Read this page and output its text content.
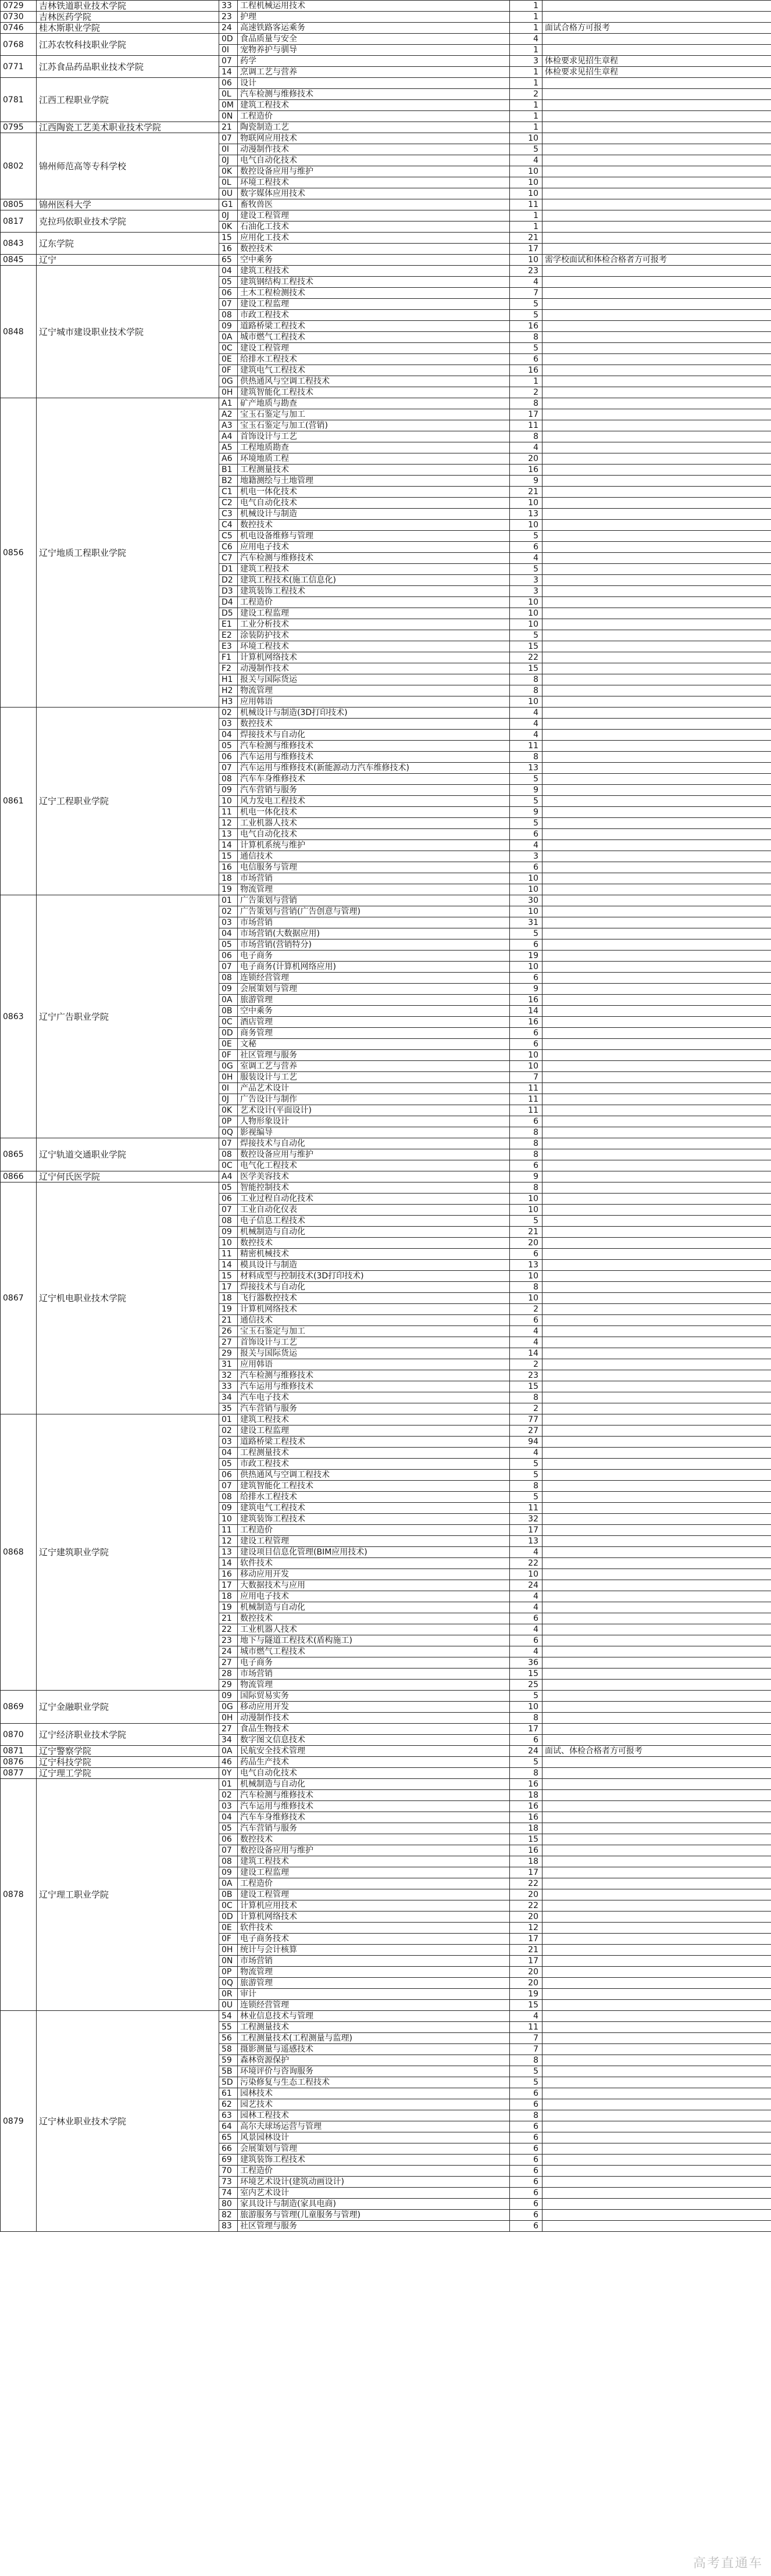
0729	吉林铁道职业技术学院	33	工程机械运用技术	1	
0730	吉林医药学院	23	护理	1	
0746	桂木斯职业学院	24	高速铁路客运乘务	1	面试合格方可报考
0768	江苏农牧科技职业学院	0D	食品质量与安全	4	
		0I	宠物养护与驯导	1	
0771	江苏食品药品职业技术学院	07	药学	3	体检要求见招生章程
		14	烹调工艺与营养	1	体检要求见招生章程
0781	江西工程职业学院	06	设计	1	
		0L	汽车检测与维修技术	2	
		0M	建筑工程技术	1	
		0N	工程造价	1	
0795	江西陶瓷工艺美术职业技术学院	21	陶瓷制造工艺	1	
0802	锦州师范高等专科学校	07	物联网应用技术	10	
		0I	动漫制作技术	5	
		0J	电气自动化技术	4	
		0K	数控设备应用与维护	10	
		0L	环境工程技术	10	
		0U	数字媒体应用技术	10	
0805	锦州医科大学	G1	畜牧兽医	11	
0817	克拉玛依职业技术学院	0J	建设工程管理	1	
		0K	石油化工技术	1	
0843	辽东学院	15	应用化工技术	21	
		16	数控技术	17	
0845	辽宁	65	空中乘务	10	需学校面试和体检合格者方可报考
0848	辽宁城市建设职业技术学院	04	建筑工程技术	23	
		05	建筑钢结构工程技术	4	
		06	土木工程检测技术	7	
		07	建设工程监理	5	
		08	市政工程技术	5	
		09	道路桥梁工程技术	16	
		0A	城市燃气工程技术	8	
		0C	建设工程管理	5	
		0E	给排水工程技术	6	
		0F	建筑电气工程技术	16	
		0G	供热通风与空调工程技术	1	
		0H	建筑智能化工程技术	2	
0856	辽宁地质工程职业学院	A1	矿产地质与勘查	8	
		A2	宝玉石鉴定与加工	17	
		A3	宝玉石鉴定与加工(营销)	11	
		A4	首饰设计与工艺	8	
		A5	工程地质勘查	4	
		A6	环境地质工程	20	
		B1	工程测量技术	16	
		B2	地籍测绘与土地管理	9	
		C1	机电一体化技术	21	
		C2	电气自动化技术	10	
		C3	机械设计与制造	13	
		C4	数控技术	10	
		C5	机电设备维修与管理	5	
		C6	应用电子技术	6	
		C7	汽车检测与维修技术	4	
		D1	建筑工程技术	5	
		D2	建筑工程技术(施工信息化)	3	
		D3	建筑装饰工程技术	3	
		D4	工程造价	10	
		D5	建设工程监理	10	
		E1	工业分析技术	10	
		E2	涂装防护技术	5	
		E3	环境工程技术	15	
		F1	计算机网络技术	22	
		F2	动漫制作技术	15	
		H1	报关与国际货运	8	
		H2	物流管理	8	
		H3	应用韩语	10	
0861	辽宁工程职业学院	02	机械设计与制造(3D打印技术)	4	
		03	数控技术	4	
		04	焊接技术与自动化	4	
		05	汽车检测与维修技术	11	
		06	汽车运用与维修技术	8	
		07	汽车运用与维修技术(新能源动力汽车维修技术)	13	
		08	汽车车身维修技术	5	
		09	汽车营销与服务	9	
		10	风力发电工程技术	5	
		11	机电一体化技术	9	
		12	工业机器人技术	5	
		13	电气自动化技术	6	
		14	计算机系统与维护	4	
		15	通信技术	3	
		16	电信服务与管理	6	
		18	市场营销	10	
		19	物流管理	10	
0863	辽宁广告职业学院	01	广告策划与营销	30	
		02	广告策划与营销(广告创意与管理)	10	
		03	市场营销	31	
		04	市场营销(大数据应用)	5	
		05	市场营销(营销特分)	6	
		06	电子商务	19	
		07	电子商务(计算机网络应用)	10	
		08	连锁经营管理	6	
		09	会展策划与管理	9	
		0A	旅游管理	16	
		0B	空中乘务	14	
		0C	酒店管理	16	
		0D	商务管理	6	
		0E	文秘	6	
		0F	社区管理与服务	10	
		0G	室调工艺与营养	10	
		0H	服装设计与工艺	7	
		0I	产品艺术设计	11	
		0J	广告设计与制作	11	
		0K	艺术设计(平面设计)	11	
		0P	人物形象设计	6	
		0Q	影视编导	8	
0865	辽宁轨道交通职业学院	07	焊接技术与自动化	8	
		08	数控设备应用与维护	8	
		0C	电气化工程技术	6	
0866	辽宁何氏医学院	A4	医学美容技术	9	
0867	辽宁机电职业技术学院	05	智能控制技术	8	
		06	工业过程自动化技术	10	
		07	工业自动化仪表	10	
		08	电子信息工程技术	5	
		09	机械制造与自动化	21	
		10	数控技术	20	
		11	精密机械技术	6	
		14	模具设计与制造	13	
		15	材料成型与控制技术(3D打印技术)	10	
		17	焊接技术与自动化	8	
		18	飞行器数控技术	10	
		19	计算机网络技术	2	
		21	通信技术	6	
		26	宝玉石鉴定与加工	4	
		27	首饰设计与工艺	4	
		29	报关与国际货运	14	
		31	应用韩语	2	
		32	汽车检测与维修技术	23	
		33	汽车运用与维修技术	15	
		34	汽车电子技术	8	
		35	汽车营销与服务	2	
0868	辽宁建筑职业学院	01	建筑工程技术	77	
		02	建设工程监理	27	
		03	道路桥梁工程技术	94	
		04	工程测量技术	4	
		05	市政工程技术	5	
		06	供热通风与空调工程技术	5	
		07	建筑智能化工程技术	8	
		08	给排水工程技术	5	
		09	建筑电气工程技术	11	
		10	建筑装饰工程技术	32	
		11	工程造价	17	
		12	建设工程管理	13	
		13	建设项目信息化管理(BIM应用技术)	4	
		14	软件技术	22	
		16	移动应用开发	10	
		17	大数据技术与应用	24	
		18	应用电子技术	4	
		19	机械制造与自动化	4	
		21	数控技术	6	
		22	工业机器人技术	4	
		23	地下与隧道工程技术(盾构施工)	6	
		24	城市燃气工程技术	4	
		27	电子商务	36	
		28	市场营销	15	
		29	物流管理	25	
0869	辽宁金融职业学院	09	国际贸易实务	5	
		0G	移动应用开发	10	
		0H	动漫制作技术	8	
0870	辽宁经济职业技术学院	27	食品生物技术	17	
		34	数字图文信息技术	6	
0871	辽宁警察学院	0A	民航安全技术管理	24	面试、体检合格者方可报考
0876	辽宁科技学院	46	药品生产技术	5	
0877	辽宁理工学院	0Y	电气自动化技术	8	
0878	辽宁理工职业学院	01	机械制造与自动化	16	
		02	汽车检测与维修技术	18	
		03	汽车运用与维修技术	16	
		04	汽车车身维修技术	16	
		05	汽车营销与服务	18	
		06	数控技术	15	
		07	数控设备应用与维护	16	
		08	建筑工程技术	18	
		09	建设工程监理	17	
		0A	工程造价	22	
		0B	建设工程管理	20	
		0C	计算机应用技术	22	
		0D	计算机网络技术	20	
		0E	软件技术	12	
		0F	电子商务技术	17	
		0H	统计与会计核算	21	
		0N	市场营销	17	
		0P	物流管理	20	
		0Q	旅游管理	20	
		0R	审计	19	
		0U	连锁经营管理	15	
0879	辽宁林业职业技术学院	54	林业信息技术与管理	4	
		55	工程测量技术	11	
		56	工程测量技术(工程测量与监理)	7	
		58	摄影测量与遥感技术	7	
		59	森林资源保护	8	
		5B	环境评价与咨询服务	5	
		5D	污染修复与生态工程技术	5	
		61	园林技术	6	
		62	园艺技术	6	
		63	园林工程技术	8	
		64	高尔夫球场运营与管理	6	
		65	风景园林设计	6	
		66	会展策划与管理	6	
		69	建筑装饰工程技术	6	
		70	工程造价	6	
		73	环境艺术设计(建筑动画设计)	6	
		74	室内艺术设计	6	
		80	家具设计与制造(家具电商)	6	
		82	旅游服务与管理(儿童服务与管理)	6	
		83	社区管理与服务	6	
高考直通车
